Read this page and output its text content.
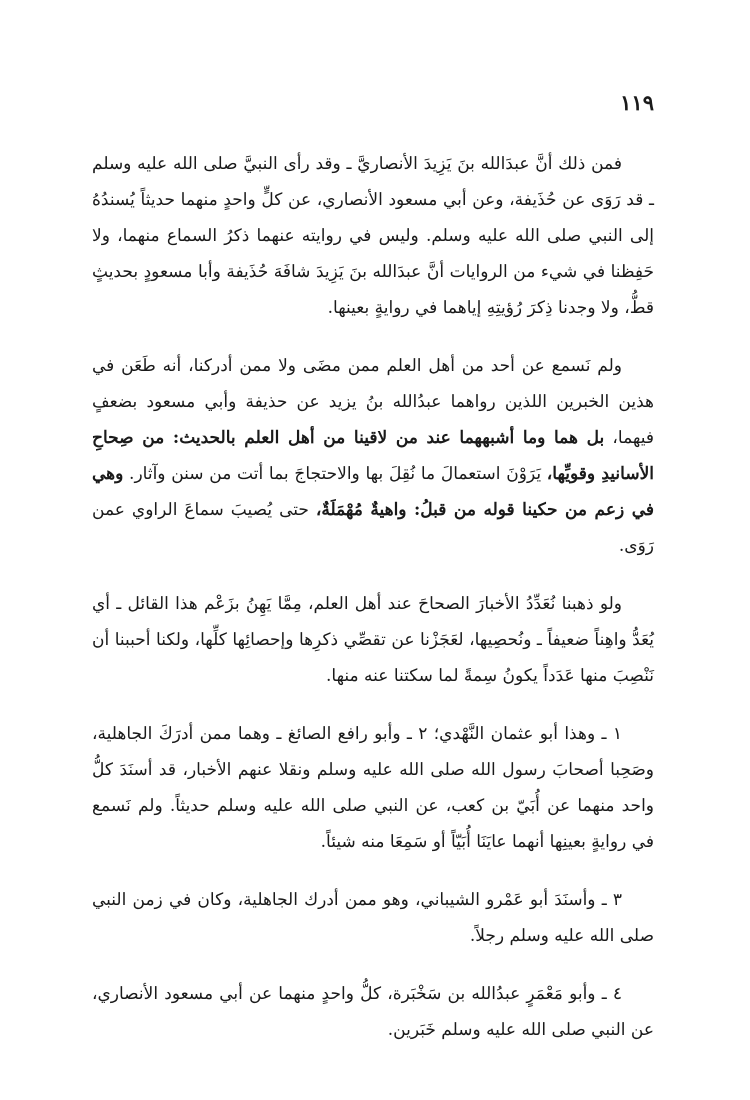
١١٩

فمن ذلك أنَّ عبدَالله بنَ يَزِيدَ الأنصاريَّ ـ وقد رأى النبيَّ صلى الله عليه وسلم ـ قد رَوَى عن حُذَيفة، وعن أبي مسعود الأنصاري، عن كلٍّ واحدٍ منهما حديثاً يُسندُهُ إلى النبي صلى الله عليه وسلم. وليس في روايته عنهما ذكرُ السماع منهما، ولا حَفِظنا في شيء من الروايات أنَّ عبدَالله بنَ يَزِيدَ شافَهَ حُذَيفة وأبا مسعودٍ بحديثٍ قطُّ، ولا وجدنا ذِكرَ رُؤيتِهِ إياهما في روايةٍ بعينها.

ولم نَسمع عن أحد من أهل العلم ممن مضَى ولا ممن أدركنا، أنه طَعَن في هذين الخبرين اللذين رواهما عبدُالله بنُ يزيد عن حذيفة وأبي مسعود بضعفٍ فيهما، بل هما وما أشبههما عند من لاقينا من أهل العلم بالحديث: من صِحاحِ الأسانيدِ وقويِّها، يَرَوْنَ استعمالَ ما نُقِلَ بها والاحتجاجَ بما أتت من سنن وآثار. وهي في زعم من حكينا قوله من قبلُ: واهيةٌ مُهْمَلَةٌ، حتى يُصيبَ سماعَ الراوي عمن رَوَى.

ولو ذهبنا نُعَدِّدُ الأخبارَ الصحاحَ عند أهل العلم، مِمَّا يَهِنُ بزَعْم هذا القائل ـ أي يُعَدُّ واهِناً ضعيفاً ـ ونُحصِيها، لعَجَزْنا عن تقصِّي ذكرِها وإحصائِها كلِّها، ولكنا أحببنا أن نَنْصِبَ منها عَدَداً يكونُ سِمةً لما سكتنا عنه منها.

١ ـ وهذا أبو عثمان النَّهْدي؛ ٢ ـ وأبو رافع الصائغ ـ وهما ممن أدرَكَ الجاهلية، وصَحِبا أصحابَ رسول الله صلى الله عليه وسلم ونقلا عنهم الأخبار، قد أسنَدَ كلُّ واحد منهما عن أُبَيّ بن كعب، عن النبي صلى الله عليه وسلم حديثاً. ولم نَسمع في روايةٍ بعينِها أنهما عايَنَا أُبَيّاً أو سَمِعَا منه شيئاً.

٣ ـ وأسنَدَ أبو عَمْرو الشيباني، وهو ممن أدرك الجاهلية، وكان في زمن النبي صلى الله عليه وسلم رجلاً.

٤ ـ وأبو مَعْمَرٍ عبدُالله بن سَخْبَرة، كلُّ واحدٍ منهما عن أبي مسعود الأنصاري، عن النبي صلى الله عليه وسلم خَبَرين.
